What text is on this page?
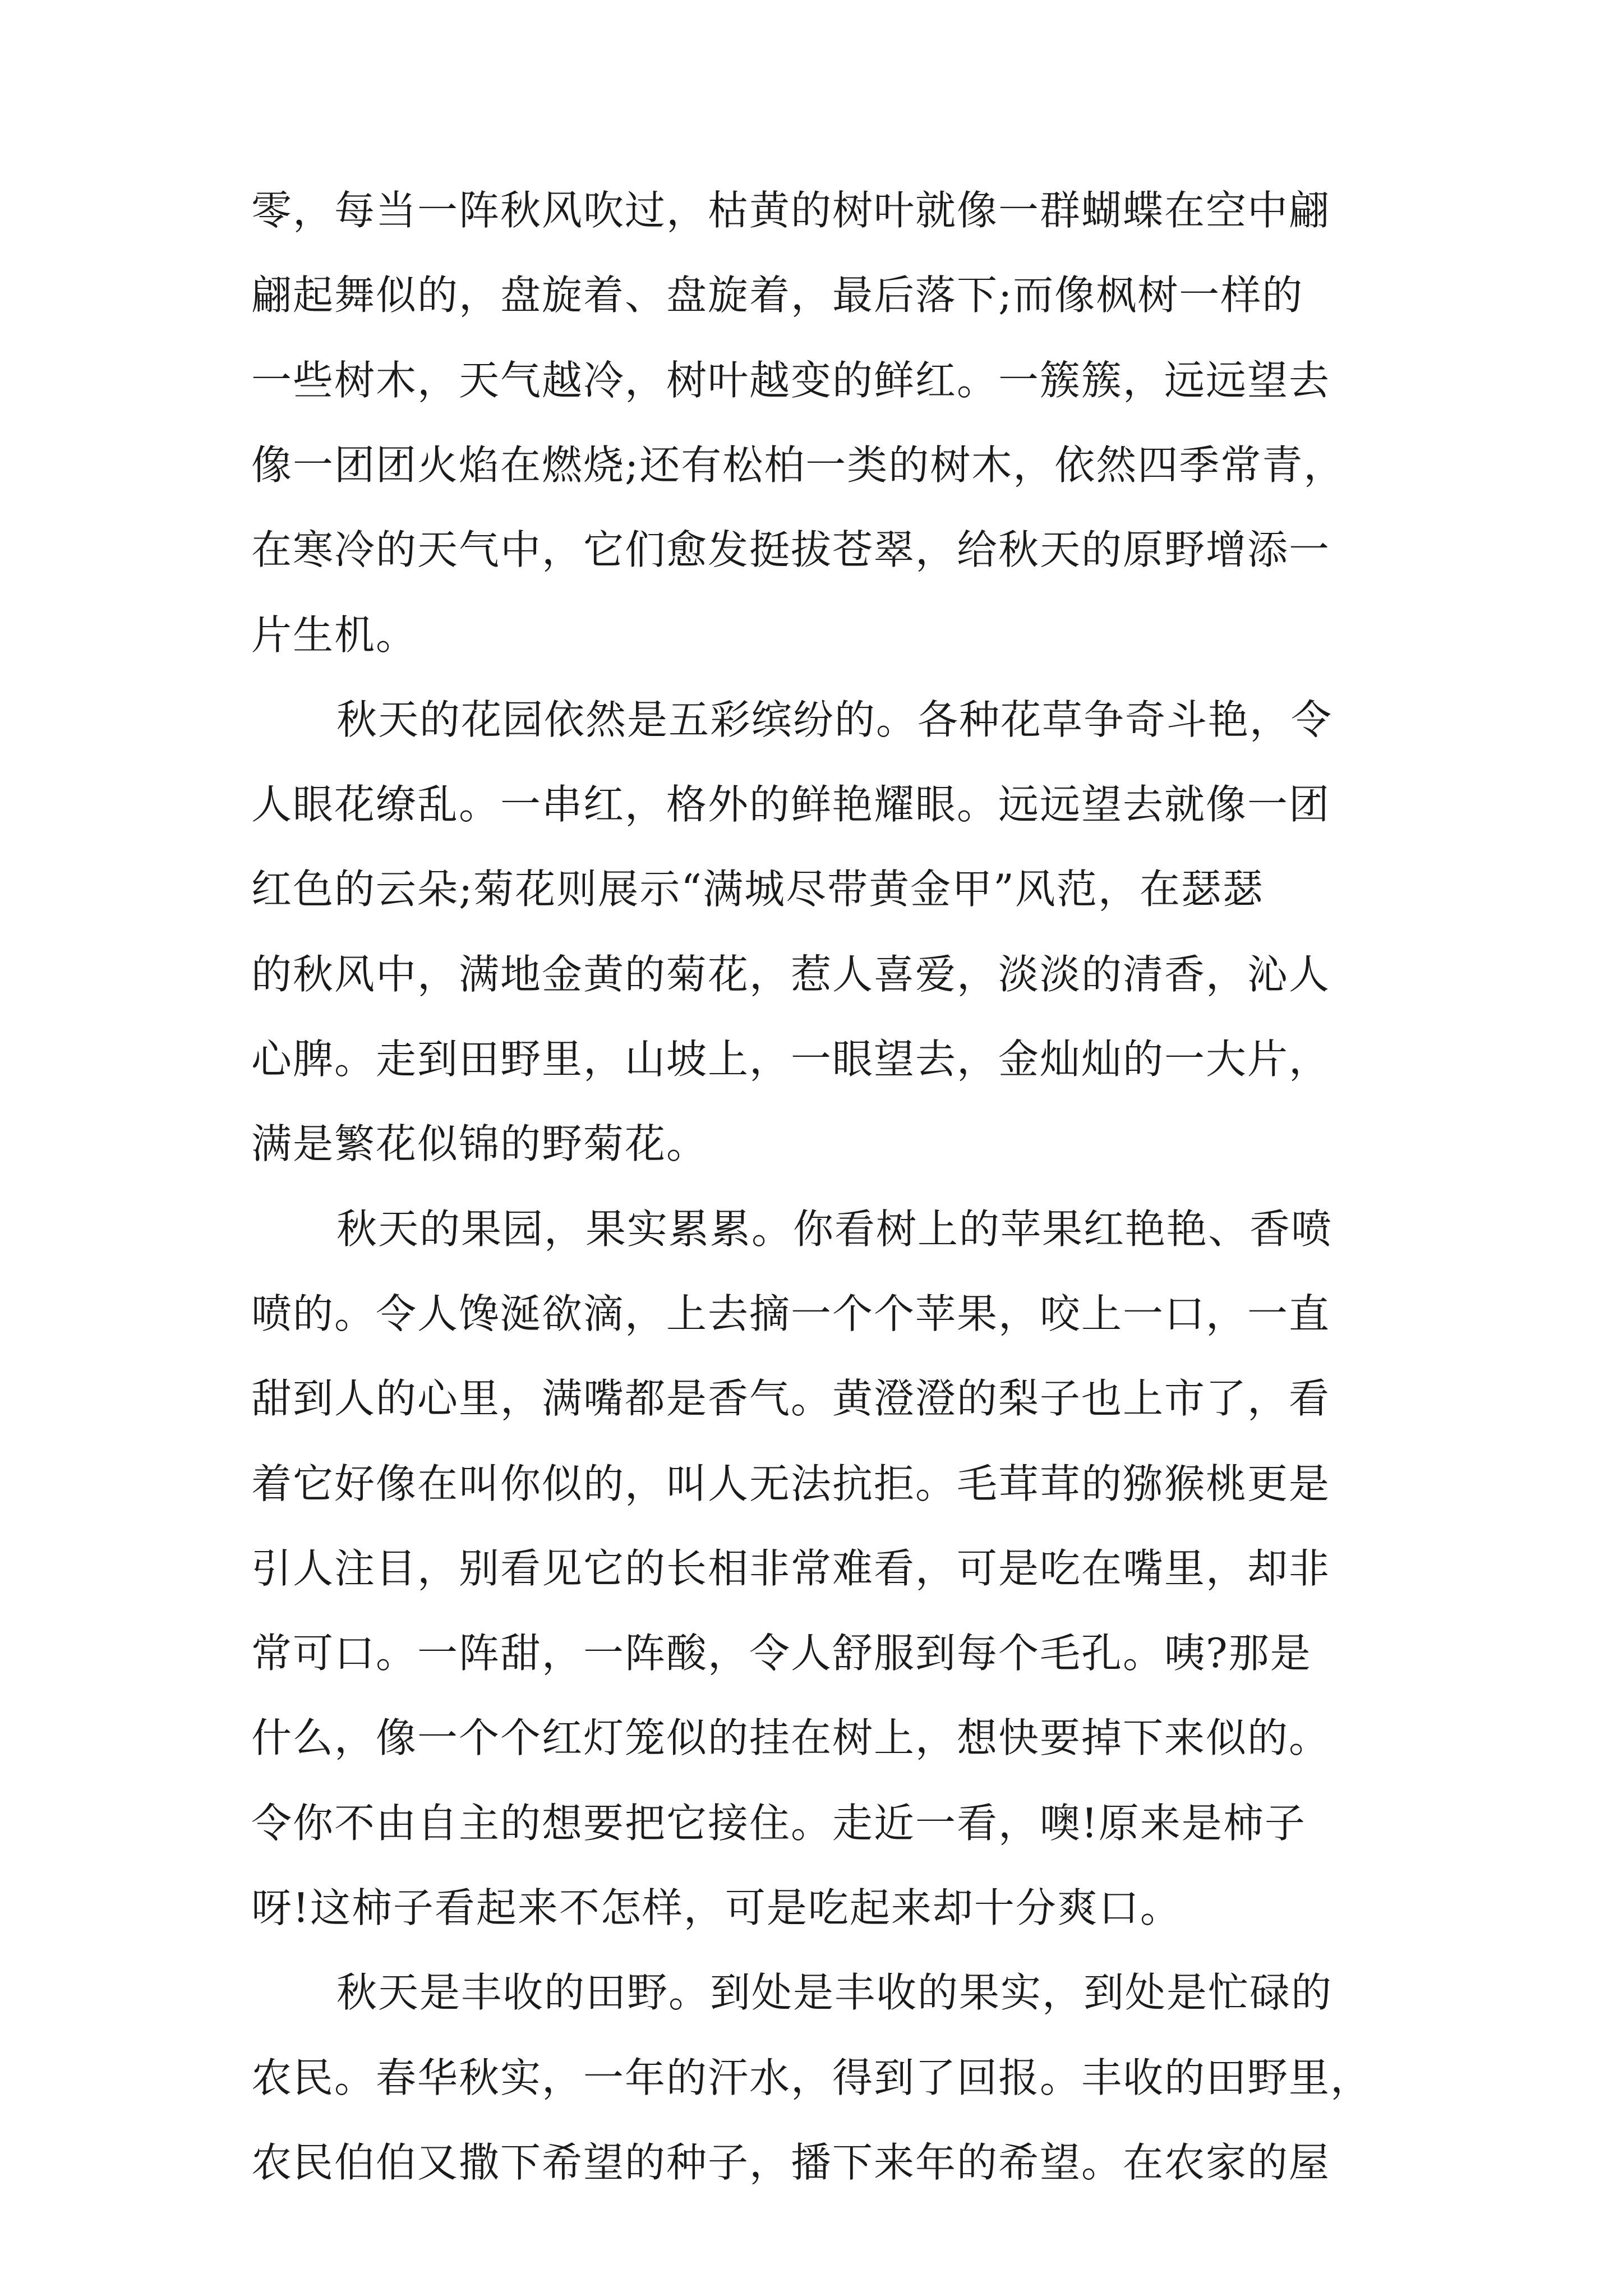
零，每当一阵秋风吹过，枯黄的树叶就像一群蝴蝶在空中翩

翩起舞似的，盘旋着、盘旋着，最后落下;而像枫树一样的

一些树木，天气越冷，树叶越变的鲜红。一簇簇，远远望去

像一团团火焰在燃烧;还有松柏一类的树木，依然四季常青，

在寒冷的天气中，它们愈发挺拔苍翠，给秋天的原野增添一

片生机。

秋天的花园依然是五彩缤纷的。各种花草争奇斗艳，令

人眼花缭乱。一串红，格外的鲜艳耀眼。远远望去就像一团

红色的云朵;菊花则展示“满城尽带黄金甲”风范，在瑟瑟

的秋风中，满地金黄的菊花，惹人喜爱，淡淡的清香，沁人

心脾。走到田野里，山坡上，一眼望去，金灿灿的一大片，

满是繁花似锦的野菊花。

秋天的果园，果实累累。你看树上的苹果红艳艳、香喷

喷的。令人馋涎欲滴，上去摘一个个苹果，咬上一口，一直

甜到人的心里，满嘴都是香气。黄澄澄的梨子也上市了，看

着它好像在叫你似的，叫人无法抗拒。毛茸茸的猕猴桃更是

引人注目，别看见它的长相非常难看，可是吃在嘴里，却非

常可口。一阵甜，一阵酸，令人舒服到每个毛孔。咦?那是

什么，像一个个红灯笼似的挂在树上，想快要掉下来似的。

令你不由自主的想要把它接住。走近一看，噢!原来是柿子

呀!这柿子看起来不怎样，可是吃起来却十分爽口。

秋天是丰收的田野。到处是丰收的果实，到处是忙碌的

农民。春华秋实，一年的汗水，得到了回报。丰收的田野里，

农民伯伯又撒下希望的种子，播下来年的希望。在农家的屋
